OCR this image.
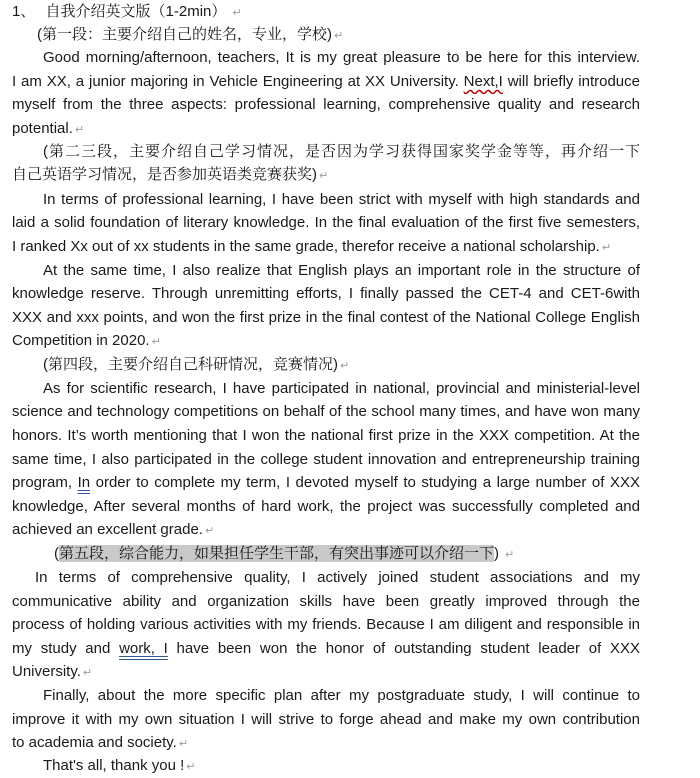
1、 自我介绍英文版（1-2min） ↵
(第一段：主要介绍自己的姓名，专业，学校) ↵
Good morning/afternoon, teachers, It is my great pleasure to be here for this interview.
I am XX, a junior majoring in Vehicle Engineering at XX University. Next,I will briefly introduce
myself from the three aspects: professional learning, comprehensive quality and research
potential. ↵
(第二三段，主要介绍自己学习情况，是否因为学习获得国家奖学金等等，再介绍一下
自己英语学习情况，是否参加英语类竞赛获奖) ↵
In terms of professional learning, I have been strict with myself with high standards and
laid a solid foundation of literary knowledge. In the final evaluation of the first five semesters,
I ranked Xx out of xx students in the same grade, therefor receive a national scholarship. ↵
At the same time, I also realize that English plays an important role in the structure of
knowledge reserve. Through unremitting efforts, I finally passed the CET-4 and CET-6with
XXX and xxx points, and won the first prize in the final contest of the National College English
Competition in 2020. ↵
(第四段，主要介绍自己科研情况，竞赛情况) ↵
As for scientific research, I have participated in national, provincial and ministerial-level
science and technology competitions on behalf of the school many times, and have won many
honors. It’s worth mentioning that I won the national first prize in the XXX competition. At the
same time, I also participated in the college student innovation and entrepreneurship training
program, In order to complete my term, I devoted myself to studying a large number of XXX
knowledge, After several months of hard work, the project was successfully completed and
achieved an excellent grade. ↵
(第五段，综合能力，如果担任学生干部，有突出事迹可以介绍一下) ↵
In terms of comprehensive quality, I actively joined student associations and my
communicative ability and organization skills have been greatly improved through the
process of holding various activities with my friends. Because I am diligent and responsible in
my study and work, I have been won the honor of outstanding student leader of XXX
University. ↵
Finally, about the more specific plan after my postgraduate study, I will continue to
improve it with my own situation I will strive to forge ahead and make my own contribution
to academia and society. ↵
That's all, thank you ! ↵
